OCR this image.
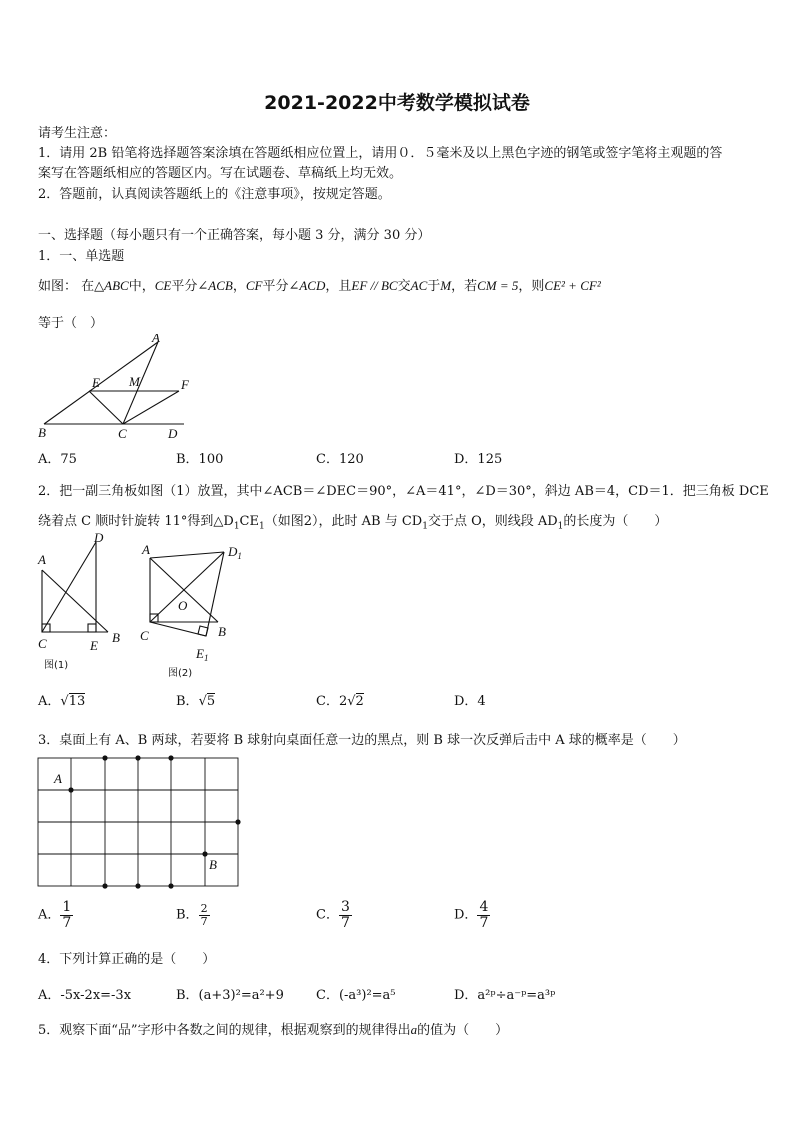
2021-2022中考数学模拟试卷
请考生注意：
1．请用 2B 铅笔将选择题答案涂填在答题纸相应位置上，请用０．５毫米及以上黑色字迹的钢笔或签字笔将主观题的答
案写在答题纸相应的答题区内。写在试题卷、草稿纸上均无效。
2．答题前，认真阅读答题纸上的《注意事项》，按规定答题。
一、选择题（每小题只有一个正确答案，每小题 3 分，满分 30 分）
1．一、单选题
如图： 在△ABC中，CE平分∠ACB，CF平分∠ACD，且EF // BC交AC于M，若CM = 5，则CE² + CF²
等于（　）
A
E M	F
B	C	D
A．75	B．100	C．120	D．125
2．把一副三角板如图（1）放置，其中∠ACB＝∠DEC＝90°，∠A＝41°，∠D＝30°，斜边 AB＝4，CD＝1．把三角板 DCE
绕着点 C 顺时针旋转 11°得到$\triangle D_1CE_1$（如图2），此时 AB 与 $CD_1$交于点 O，则线段 $AD_1$的长度为（　　）
A
D
C	E
B
图(1)
A	$D_1$
O
C	B
$E_1$
图(2)
A．√13	B．√5	C．2√2	D．4
3．桌面上有 A、B 两球，若要将 B 球射向桌面任意一边的黑点，则 B 球一次反弹后击中 A 球的概率是（　　）
A
B
A． $\frac{1}{7}$	B． $\frac{2}{7}$	C． $\frac{3}{7}$	D． $\frac{4}{7}$
4．下列计算正确的是（　　）
A．-5x-2x=-3x	B．(a+3)²=a²+9 C．(-a³)²=a⁵	D．a²ᵖ÷a⁻ᵖ=a³ᵖ
5．观察下面“品”字形中各数之间的规律，根据观察到的规律得出a的值为（　　）
